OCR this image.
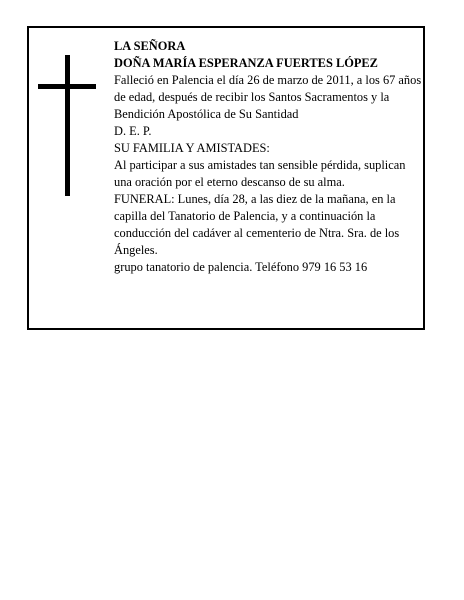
LA SEÑORA

DOÑA MARÍA ESPERANZA FUERTES LÓPEZ

Falleció en Palencia el día 26 de marzo de 2011, a los 67 años de edad, después de recibir los Santos Sacramentos y la Bendición Apostólica de Su Santidad

D. E. P.

SU FAMILIA Y AMISTADES:

Al participar a sus amistades tan sensible pérdida, suplican una oración por el eterno descanso de su alma.

FUNERAL: Lunes, día 28, a las diez de la mañana, en la capilla del Tanatorio de Palencia, y a continuación la conducción del cadáver al cementerio de Ntra. Sra. de los Ángeles.

grupo tanatorio de palencia. Teléfono 979 16 53 16
